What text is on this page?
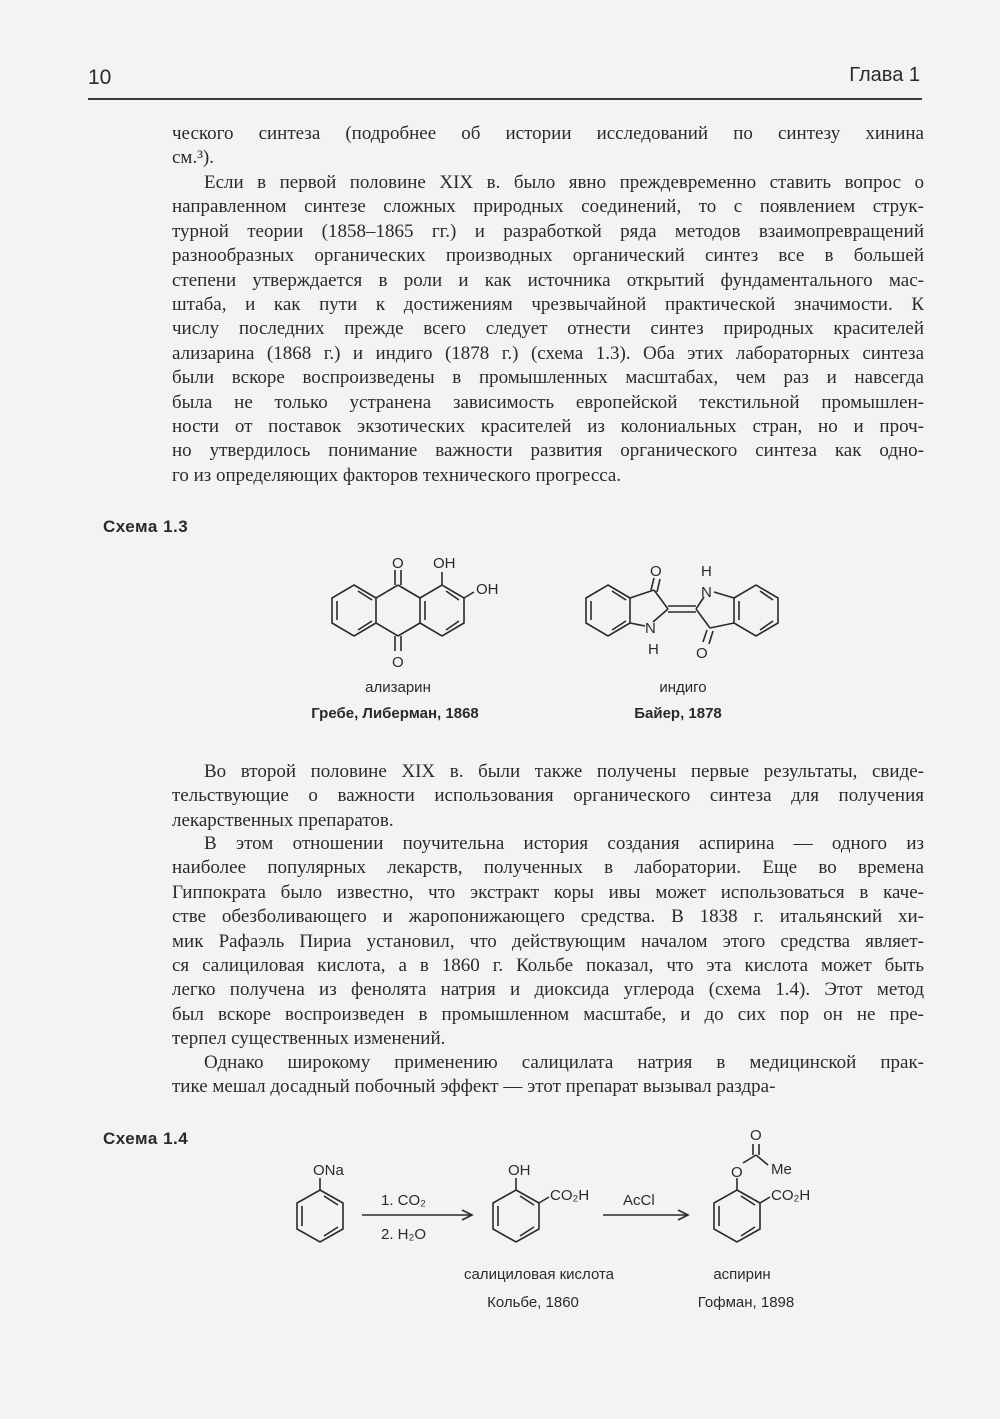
10	Глава 1
ческого синтеза (подробнее об истории исследований по синтезу хинина
см.³).
Если в первой половине XIX в. было явно преждевременно ставить вопрос о
направленном синтезе сложных природных соединений, то с появлением струк-
турной теории (1858–1865 гг.) и разработкой ряда методов взаимопревращений
разнообразных органических производных органический синтез все в большей
степени утверждается в роли и как источника открытий фундаментального мас-
штаба, и как пути к достижениям чрезвычайной практической значимости. К
числу последних прежде всего следует отнести синтез природных красителей
ализарина (1868 г.) и индиго (1878 г.) (схема 1.3). Оба этих лабораторных синтеза
были вскоре воспроизведены в промышленных масштабах, чем раз и навсегда
была не только устранена зависимость европейской текстильной промышлен-
ности от поставок экзотических красителей из колониальных стран, но и проч-
но утвердилось понимание важности развития органического синтеза как одно-
го из определяющих факторов технического прогресса.
Схема 1.3
O OH
OH
O
O	H
N
N
H O
ализарин
Гребе, Либерман, 1868
индиго
Байер, 1878
Во второй половине XIX в. были также получены первые результаты, свиде-
тельствующие о важности использования органического синтеза для получения
лекарственных препаратов.
В этом отношении поучительна история создания аспирина — одного из
наиболее популярных лекарств, полученных в лаборатории. Еще во времена
Гиппократа было известно, что экстракт коры ивы может использоваться в каче-
стве обезболивающего и жаропонижающего средства. В 1838 г. итальянский хи-
мик Рафаэль Пириа установил, что действующим началом этого средства являет-
ся салициловая кислота, а в 1860 г. Кольбе показал, что эта кислота может быть
легко получена из фенолята натрия и диоксида углерода (схема 1.4). Этот метод
был вскоре воспроизведен в промышленном масштабе, и до сих пор он не пре-
терпел существенных изменений.
Однако широкому применению салицилата натрия в медицинской прак-
тике мешал досадный побочный эффект — этот препарат вызывал раздра-
Схема 1.4
ONa
1. CO₂
2. H₂O
OH
CO₂H AcCl
O
O Me
CO₂H
салициловая кислота
Кольбе, 1860
аспирин
Гофман, 1898
